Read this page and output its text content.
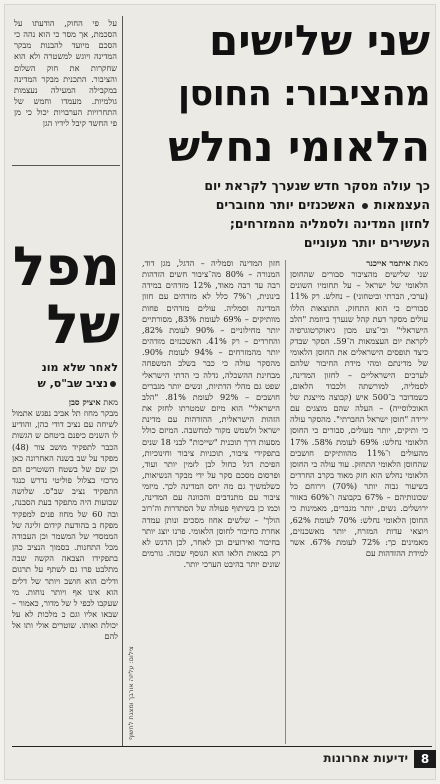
על פי החוק, הודעתו על הסכמת, אך מסר כי הוא נהה כי הסכם מיועד להבנות מבקר המדינה ויוגש למשטרה ולא הוא שחקרות את חוק השלום והציבור. התכנית מבקר המדינה במקבילה המעילה נעצמות גולמיות. מעמדו וחמש של התחרויות הערבויות יכול כי מן פי החשד קיבל לידיו הגן

מפל
של
לאחר שלא מונ
נציב שב"ס, ש

מאת איציק סבן

מבקר מחוז תל אביב נפגש אתמול לשיחה עם נציב דודי כהן, והודיע לו השנים כיפנם ביטחם ש הגשות הכבר לתפקיד מושב צור (48) מפקד על שב בשנה האחרונה כאן וכן שם של בשטח השוטרים הם מרכזי בצלול פוליטי נדרש כנגד התפקיד נציב שב"ס. שלושה שבועות היה מתפקד בעת הסבנה, ובה 60 של מחוז פנים למפקיד מפקח ב בהודעת קידום זליגה של הממסדי של המשמר וכן העבודה מכל התחנות. בסמוך הנציב כהן בתפקידו הצבאה הקשה שבה מתלבט פרו גם לשתף על תרגום ודלים הוא חושב ויותר של דלים הוא אינו אף ויותר נוחות. מי שעקבו לכפי ל של מדור, כאמור – שבאו אליו וגם כ מלכות לא על יכולת ואותו. שוטרים אולי ותו אל להם

צילום: עליזה אורבך ומצגת לחשוף
שני שלישים
מהציבור: החוסן
הלאומי נחלש
כך עולה מסקר חדש שנערך לקראת יום
העצמאות  האשכנזים יותר מחוברים
לחזון המדינה ולסמליה מהמזרחים;
העשירים יותר מעוניים

מאת איתמר אייכנר

שני שלישים מהציבור סבורים שהחוסן הלאומי של ישראל – על תחומיו השונים (ערכי, הברתי וביטחוני) – נחלש. רק 11% סבורים כי הוא התחזק. התוצאות הללו עולים מסקר דעת קהל שנערך ביוזמת "הלב הישראלי" ובי־צוע מכון גיאוקרטוגרפיה לקראת יום העצמאות ה־59. הסקר שבדק כיצד תופסים הישראלים את החוסן הלאומי של מדינתם ומהי מידת החיבור שלהם לערכים הישראליים – לחזון המדינה, לסמליה, למורשתה ולכבוד הלאום, כשמדובר ב־500 איש (קבוצה מייצגת של האוכלוסייה) – העלה שהם מוצגים עם ירידה "חוסן ישראל החברתי". מהסקר עולה כי ותיקים, יותר מעולים, סבורים כי החוסן הלאומי נחלש: 69% לעומת 58%. 17% מהעולים ו־11% מהוותיקים חושבים שהחוסן הלאומי התחזק. עוד עולה כי החוסן הלאומי נחלש הוא חזק מאוד בקרב החרדים בשיעור גבוה יותר (70%) וירוחם כל שכונותיהם – 67% בקבוצה ו־60% באזור ירושלים. נשים, יותר מגברים, מאמינות כי החוסן הלאומי נחלש: 70% לעומת 62%, ויוצאי עדות המזרח, יותר מאשכנזים, מאמינים כך: 72% לעומת 67%. אשר למידת ההזדהות עם

חזון המדינה וסמליה – הדגל, מגן דוד, המנורה – 80% מה־ציבור חשים הזדהות רבה עד רבה מאוד, 12% מזדהים במידה בינונית, ו־7% כלל לא מזדהים עם חזון המדינה וסמליה. עולים מזדהים פחות מוותיקים – 69% לעומת 83%, מסורתיים יותר מחילוניים – 90% לעומת 82%, והחרדים – רק 41%. האשכנזים מזדהים יותר מהמזרחים – 94% לעומת 90%. מהסקר עולה כי כבר בשלב המשפחה מבחינת ההשכלה, גדלה כי הדתי הישראלי שפט גם מהלי הדתיות, ונשים יותר מגברים חושבים – 92% לעומת 81%. "הלב הישראלי" הוא מיזם שמטרתו לחזק את הזהות הישראלית, ההזדהות עם מדינת ישראל ולשמש מקור למחשבה. המיזם כולל מסעות דרך תוכנית "שייכות" לבני 18 שנים בתפקידי ציבור, תוכניות ציבור וחינוכיות, הפיכת דגל כחול לבן לזמין יותר ועוד, ופרסום מסכם סקר על ידי מבקר הנשיאות, כשלמשיך גם מה יחס המדינה לכך. מיזמי ציבור עם מתנדבים והכוונה עם המדינה, וכמו כן בשיתוף פעולה של הסתדרות וה'רוב הולך' – שלשים אחוז מסכים ונותן עמדה אחרת כחיבור לחוסן הלאומי. פרנו יוצג יותר בחיבור ואירועים וכן לאחר, לכן הדגש לא רק במאות הלאו הוא הגוסף שכזה. גורמים שונים יותר בהיבט הערכי יותר.

8
ידיעות אחרונות
